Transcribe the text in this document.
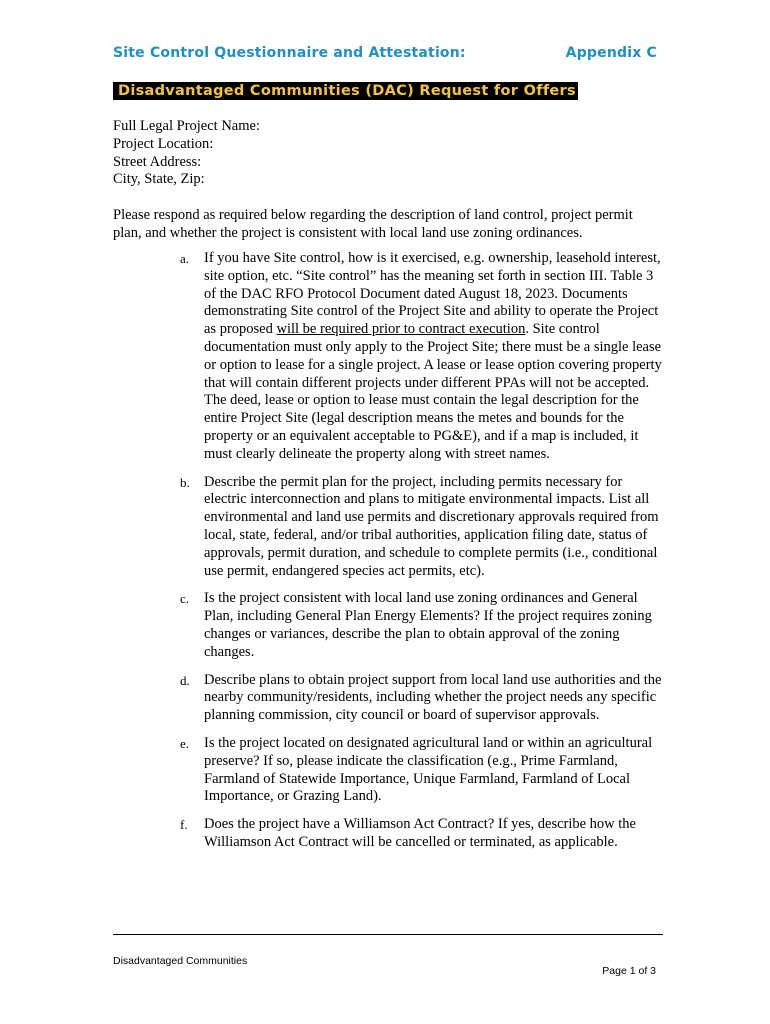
Site Control Questionnaire and Attestation:	Appendix C
Disadvantaged Communities (DAC) Request for Offers
Full Legal Project Name:
Project Location:
Street Address:
City, State, Zip:
Please respond as required below regarding the description of land control, project permit plan, and whether the project is consistent with local land use zoning ordinances.
a. If you have Site control, how is it exercised, e.g. ownership, leasehold interest, site option, etc. “Site control” has the meaning set forth in section III. Table 3 of the DAC RFO Protocol Document dated August 18, 2023. Documents demonstrating Site control of the Project Site and ability to operate the Project as proposed will be required prior to contract execution. Site control documentation must only apply to the Project Site; there must be a single lease or option to lease for a single project. A lease or lease option covering property that will contain different projects under different PPAs will not be accepted. The deed, lease or option to lease must contain the legal description for the entire Project Site (legal description means the metes and bounds for the property or an equivalent acceptable to PG&E), and if a map is included, it must clearly delineate the property along with street names.
b. Describe the permit plan for the project, including permits necessary for electric interconnection and plans to mitigate environmental impacts. List all environmental and land use permits and discretionary approvals required from local, state, federal, and/or tribal authorities, application filing date, status of approvals, permit duration, and schedule to complete permits (i.e., conditional use permit, endangered species act permits, etc).
c. Is the project consistent with local land use zoning ordinances and General Plan, including General Plan Energy Elements? If the project requires zoning changes or variances, describe the plan to obtain approval of the zoning changes.
d. Describe plans to obtain project support from local land use authorities and the nearby community/residents, including whether the project needs any specific planning commission, city council or board of supervisor approvals.
e. Is the project located on designated agricultural land or within an agricultural preserve? If so, please indicate the classification (e.g., Prime Farmland, Farmland of Statewide Importance, Unique Farmland, Farmland of Local Importance, or Grazing Land).
f. Does the project have a Williamson Act Contract? If yes, describe how the Williamson Act Contract will be cancelled or terminated, as applicable.
Disadvantaged Communities
Page 1 of 3
